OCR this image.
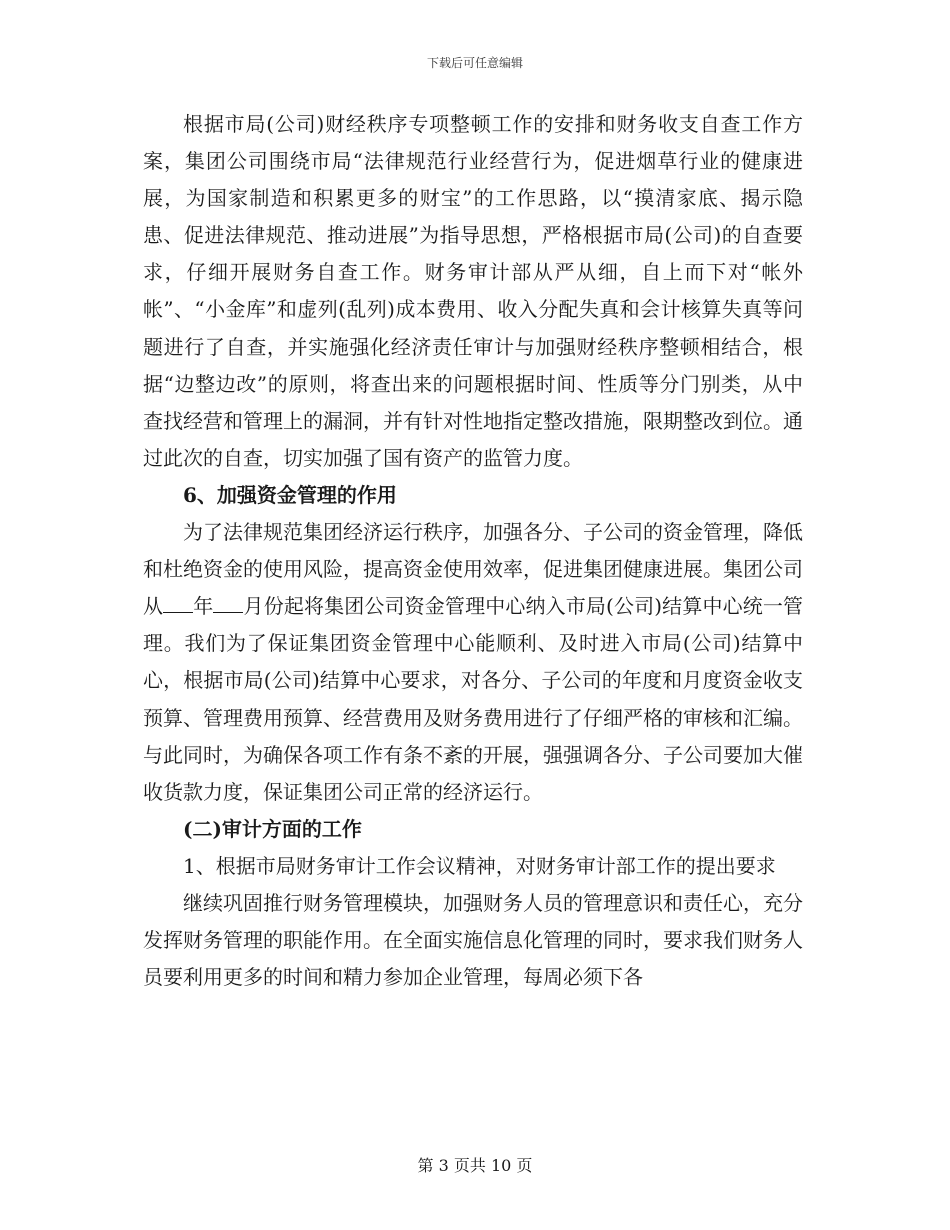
下载后可任意编辑

根据市局(公司)财经秩序专项整顿工作的安排和财务收支自查工作方案，集团公司围绕市局“法律规范行业经营行为，促进烟草行业的健康进展，为国家制造和积累更多的财宝”的工作思路，以“摸清家底、揭示隐患、促进法律规范、推动进展”为指导思想，严格根据市局(公司)的自查要求，仔细开展财务自查工作。财务审计部从严从细，自上而下对“帐外帐”、“小金库”和虚列(乱列)成本费用、收入分配失真和会计核算失真等问题进行了自查，并实施强化经济责任审计与加强财经秩序整顿相结合，根据“边整边改”的原则，将查出来的问题根据时间、性质等分门别类，从中查找经营和管理上的漏洞，并有针对性地指定整改措施，限期整改到位。通过此次的自查，切实加强了国有资产的监管力度。

6、加强资金管理的作用

为了法律规范集团经济运行秩序，加强各分、子公司的资金管理，降低和杜绝资金的使用风险，提高资金使用效率，促进集团健康进展。集团公司从 年 月份起将集团公司资金管理中心纳入市局(公司)结算中心统一管理。我们为了保证集团资金管理中心能顺利、及时进入市局(公司)结算中心，根据市局(公司)结算中心要求，对各分、子公司的年度和月度资金收支预算、管理费用预算、经营费用及财务费用进行了仔细严格的审核和汇编。与此同时，为确保各项工作有条不紊的开展，强强调各分、子公司要加大催收货款力度，保证集团公司正常的经济运行。

(二)审计方面的工作

1、根据市局财务审计工作会议精神，对财务审计部工作的提出要求

继续巩固推行财务管理模块，加强财务人员的管理意识和责任心，充分发挥财务管理的职能作用。在全面实施信息化管理的同时，要求我们财务人员要利用更多的时间和精力参加企业管理，每周必须下各

第 3 页共 10 页
